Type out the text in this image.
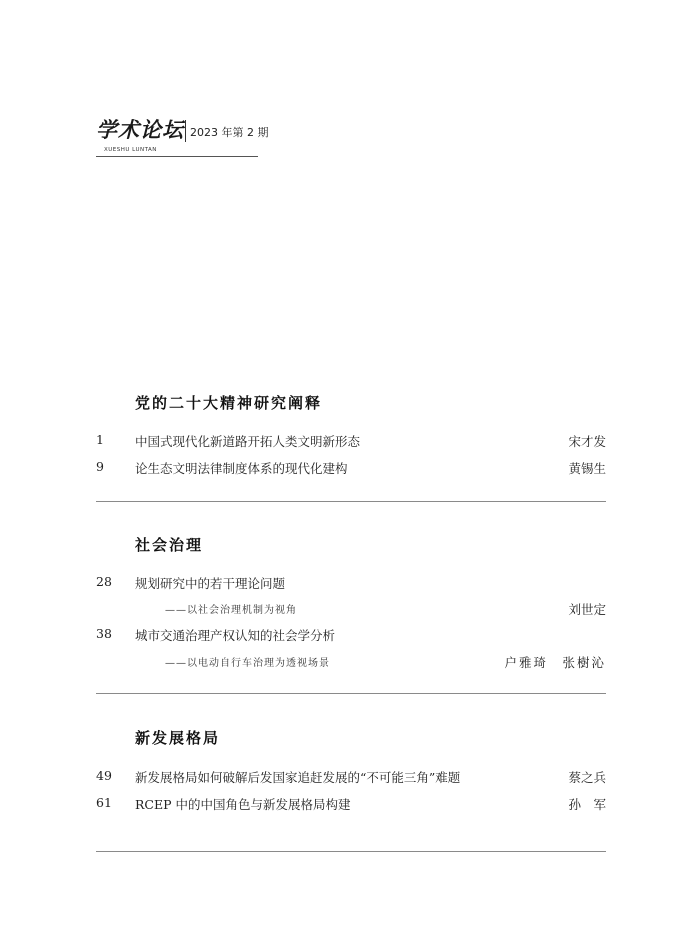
学术论坛 2023 年第 2 期
XUESHU LUNTAN
党的二十大精神研究阐释
1 中国式现代化新道路开拓人类文明新形态	宋才发
9 论生态文明法律制度体系的现代化建构	黄锡生
社会治理
28 规划研究中的若干理论问题
——以社会治理机制为视角	刘世定
38 城市交通治理产权认知的社会学分析
——以电动自行车治理为透视场景	户雅琦　张樹沁
新发展格局
49 新发展格局如何破解后发国家追赶发展的“不可能三角”难题	蔡之兵
61 RCEP 中的中国角色与新发展格局构建	孙　军
